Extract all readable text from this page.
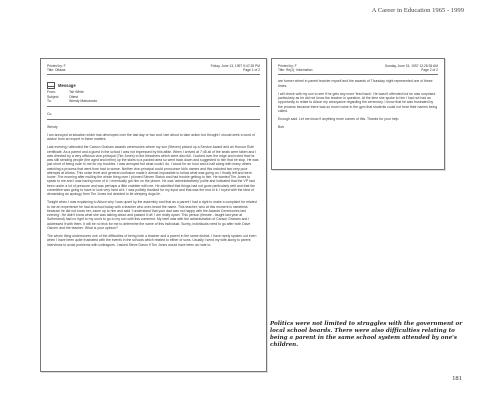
A Career in Education 1965 - 1999
Printed by: F
Title: Ottawa
Friday, June 13, 1997 9:47:28 PM
Page 1 of 2
Message
From:	Tsh White
Subject:	Ottest
To:	Wendy Matsumoto
Cc:

Wendy

I am annoyed at situation which has developed over the last day or two and I am about to take action but thought I should seek a word of advice from an expert in these matters.

Last evening I attended the Carson Graham awards ceremonies where my son (Steven) picked up a Service Award and an Honour Role certificate. As a parent and a guest in the school I was not impressed by this affair. When I arrived at 7:45 all of the seats were taken and I was directed by a very officious vice-principal (Tim Jones) to the bleachers which were also full. I looked over the edge and noted that he was still sending people (the aged and infirm) up the stairs to a packed area so went back down and suggested to him that he stop. He was just short of being rude to me for my troubles. I was annoyed but what could I do. I stood for an hour and a half along with many others watching a process that went from bad to worse. Neither vice-principal could pronounce kid's names and this included two very poor attempts at Allows. This noise level and general confusion made it almost impossible to follow what was going on. I finally left and went home. The morning after mulling the whole thing over I phoned Steven Slaton and had trouble getting to him. He wanted Tim Jones to speak to me and I was having none of it. I eventually got him on the phone. He was 'administratively' polite and indicated that the VP had been under a lot of pressure and was perhaps a little crabbier with me. He admitted that things had not gone particularly well and that the committee was going to have to look very hard at it. I was politely thanked for my input and that was the end of it. I toyed with the idea of demanding an apology from Tim Jones but decided to let sleeping dogs lie.

Tonight when I was explaining to Alison why I was upset by the assembly and that as a parent I had a right to make a complaint for related to me an experience he had at school today with a teacher who over-heard the name. This teacher, who at this moment is nameless because he did not know her, came up to him and said 'I understand that your dad was not happy with the Awards Ceremonies last evening'. He didn't know what she was talking about and passed it off. I am really upset. This person (female - taught last year at Sutherland) had no right to my son's to go to my son with this comment. My beef was with the administration of Carson Graham and I addressed it with them. It will be no trick for me to determine the name of this individual. Surely, individuals need to go after both Dave Osborn and the teacher. What is your opinion?

The whole thing underscores one of the difficulties of being both a teacher and a parent in the same district. I have rarely spoken out even when I have been quite frustrated with the events in the schools which related to either of sons. Usually I send my wife along to parent interviews to avoid problems with colleagues. I asked Steve Daron if Tim Jones would have been as rude to

Printed by: F
Title: Re(2): Information
Sunday, June 15, 1997 12:28:35 AM
Page 2 of 2

are former wheel in parent teacher myself and the awards of Thursday night represented one of these times.

I will check with my son to see if he gets any more 'feed back'. He wasn't offended but he was surprised particularly as he did not know the teacher in question. At the time she spoke to him I had not had an opportunity to relate to Alison my annoyance regarding the ceremony. I know that he was frustrated by the process because there was so much noise in the gym that students could not hear their names being called.

Enough said. Let me know if anything more comes of this. Thanks for your help.

Bob

Politics were not limited to struggles with the government or local school boards. There were also difficulties relating to being a parent in the same school system attended by one's children.
181
